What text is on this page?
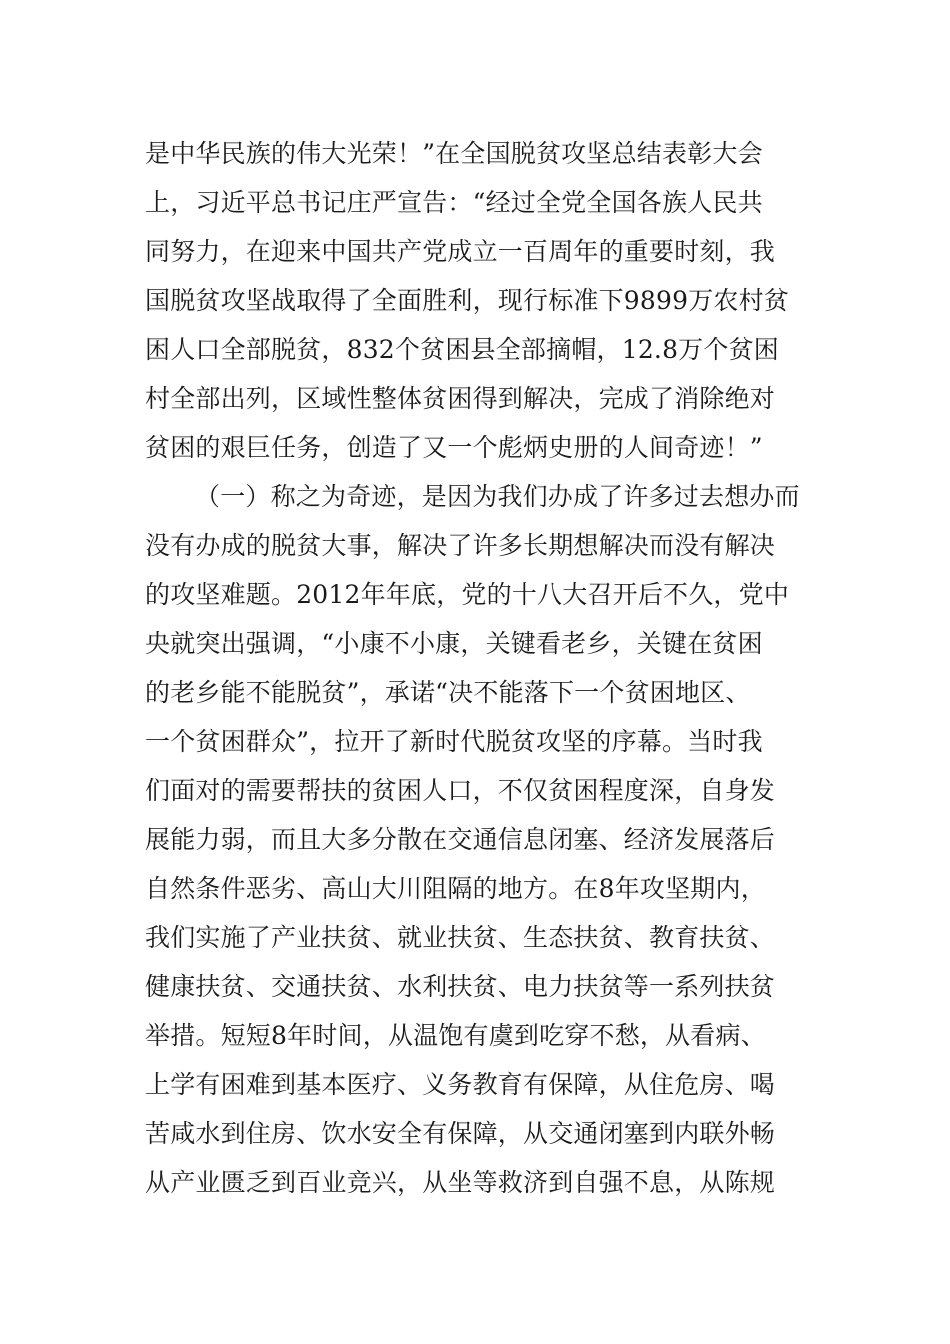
是中华民族的伟大光荣！”在全国脱贫攻坚总结表彰大会
上，习近平总书记庄严宣告：“经过全党全国各族人民共
同努力，在迎来中国共产党成立一百周年的重要时刻，我
国脱贫攻坚战取得了全面胜利，现行标准下9899万农村贫
困人口全部脱贫，832个贫困县全部摘帽，12.8万个贫困
村全部出列，区域性整体贫困得到解决，完成了消除绝对
贫困的艰巨任务，创造了又一个彪炳史册的人间奇迹！”
（一）称之为奇迹，是因为我们办成了许多过去想办而
没有办成的脱贫大事，解决了许多长期想解决而没有解决
的攻坚难题。2012年年底，党的十八大召开后不久，党中
央就突出强调，“小康不小康，关键看老乡，关键在贫困
的老乡能不能脱贫”，承诺“决不能落下一个贫困地区、
一个贫困群众”，拉开了新时代脱贫攻坚的序幕。当时我
们面对的需要帮扶的贫困人口，不仅贫困程度深，自身发
展能力弱，而且大多分散在交通信息闭塞、经济发展落后
自然条件恶劣、高山大川阻隔的地方。在8年攻坚期内，
我们实施了产业扶贫、就业扶贫、生态扶贫、教育扶贫、
健康扶贫、交通扶贫、水利扶贫、电力扶贫等一系列扶贫
举措。短短8年时间，从温饱有虞到吃穿不愁，从看病、
上学有困难到基本医疗、义务教育有保障，从住危房、喝
苦咸水到住房、饮水安全有保障，从交通闭塞到内联外畅
从产业匮乏到百业竞兴，从坐等救济到自强不息，从陈规
